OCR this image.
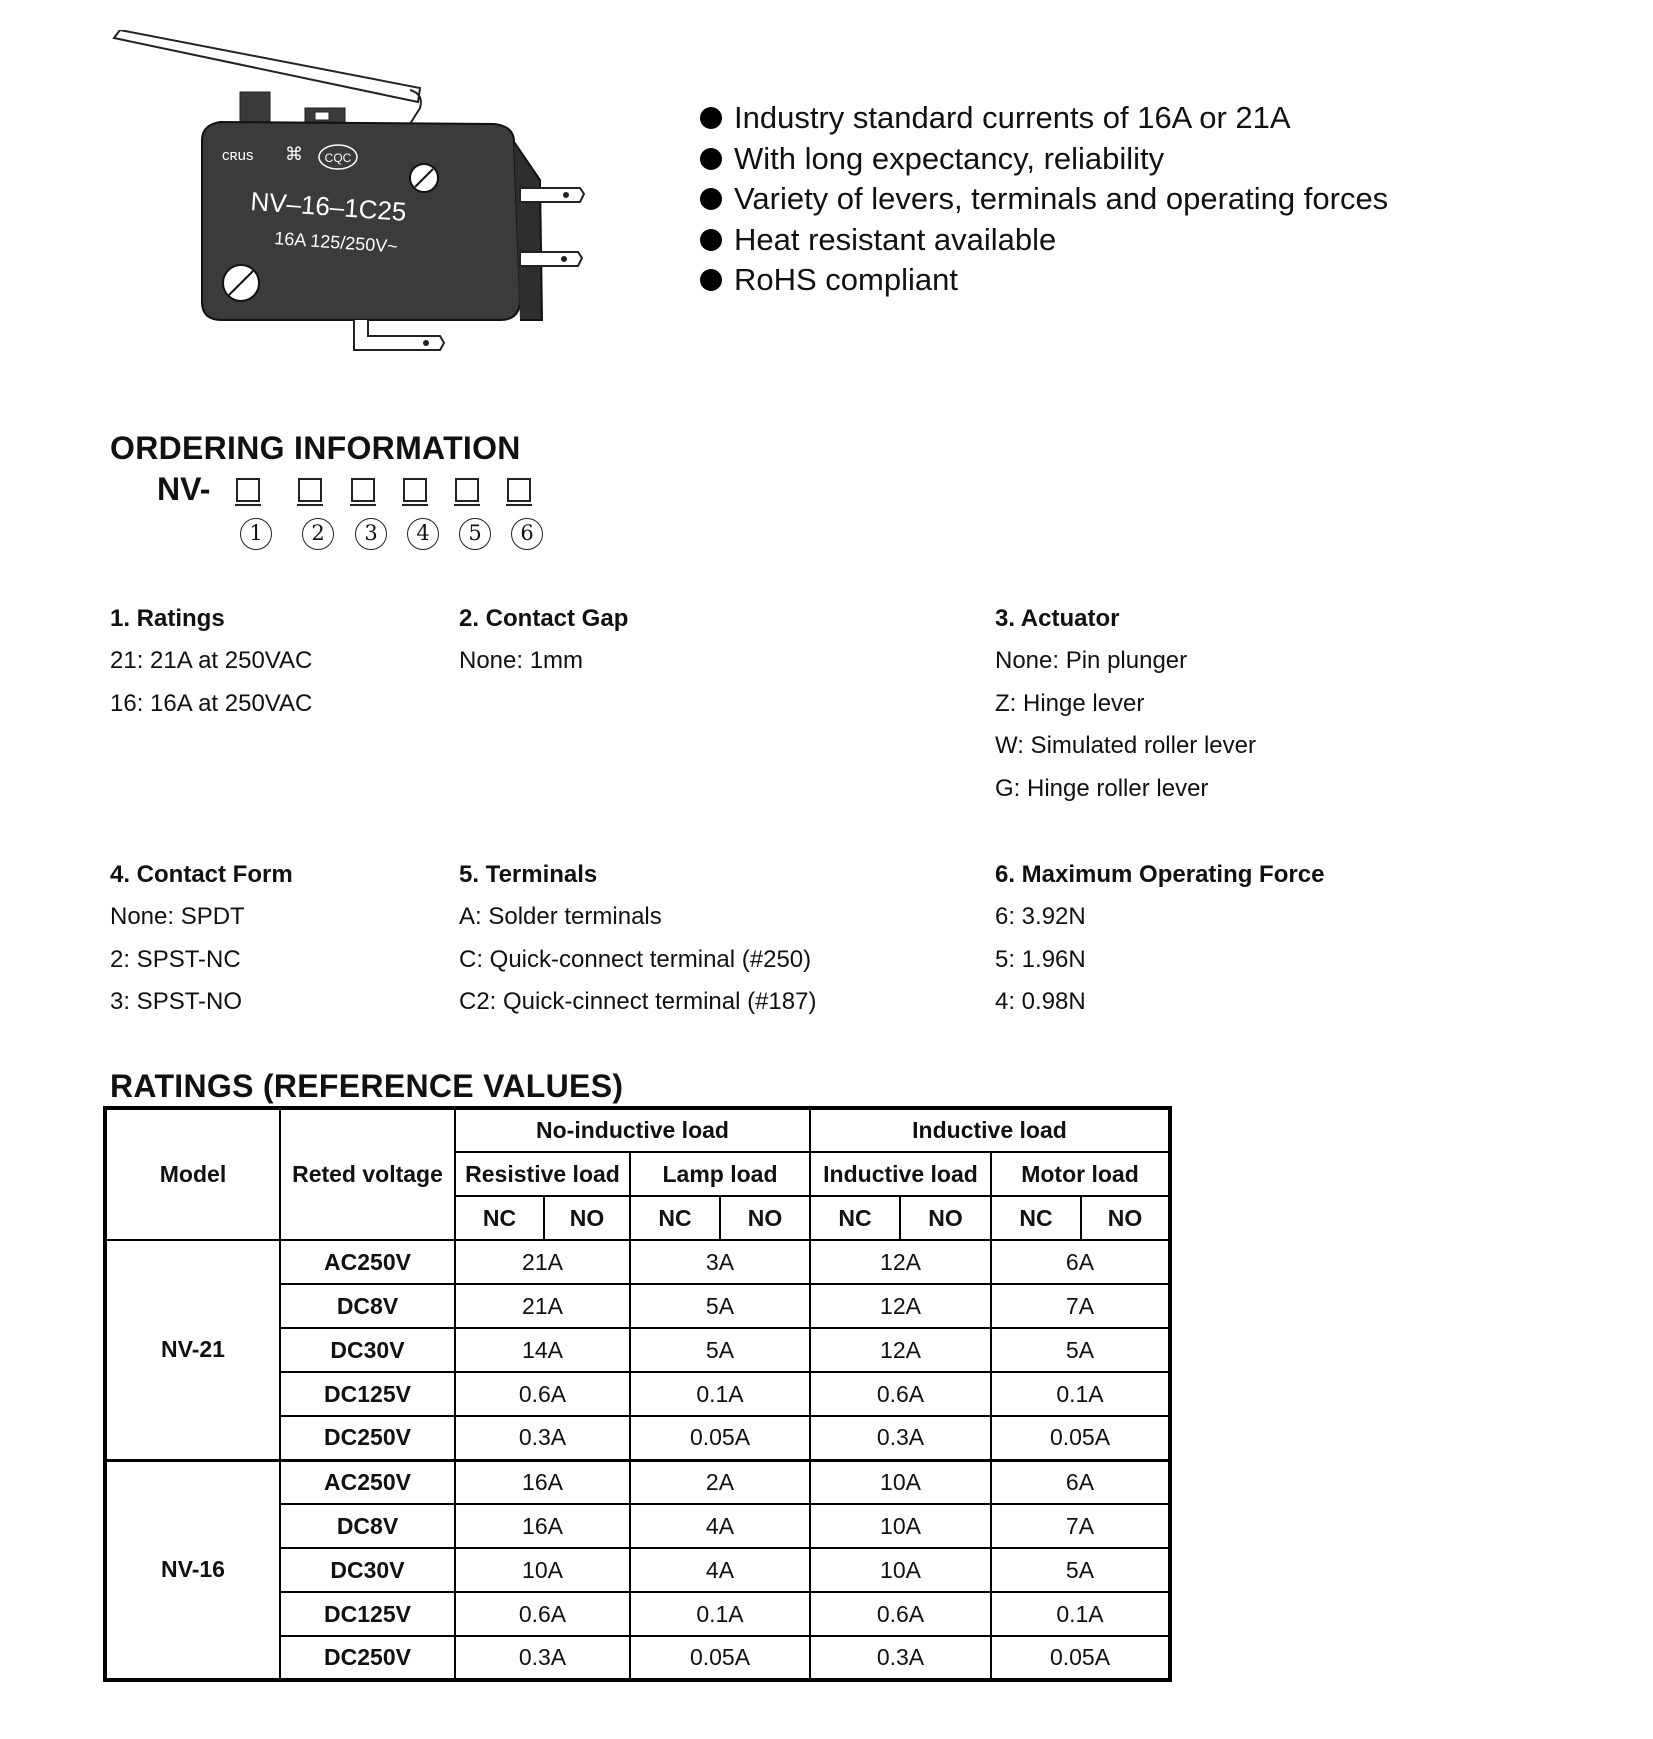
cʀus ⌘ CQC
NV–16–1C25
16A 125/250V~
Industry standard currents of 16A or 21A
With long expectancy, reliability
Variety of levers, terminals and operating forces
Heat resistant available
RoHS compliant
ORDERING INFORMATION
NV-
1	2	3	4	5	6
1. Ratings
21: 21A at 250VAC
16: 16A at 250VAC
2. Contact Gap
None: 1mm
3. Actuator
None: Pin plunger
Z: Hinge lever
W: Simulated roller lever
G: Hinge roller lever
4. Contact Form
None: SPDT
2: SPST-NC
3: SPST-NO
5. Terminals
A: Solder terminals
C: Quick-connect terminal (#250)
C2: Quick-cinnect terminal (#187)
6. Maximum Operating Force
6: 3.92N
5: 1.96N
4: 0.98N
RATINGS (REFERENCE VALUES)
Model	Reted voltage	No-inductive load				Inductive load			
		Resistive load		Lamp load		Inductive load		Motor load	
		NC	NO	NC	NO	NC	NO	NC	NO
NV-21	AC250V	21A		3A		12A		6A	
	DC8V	21A		5A		12A		7A	
	DC30V	14A		5A		12A		5A	
	DC125V	0.6A		0.1A		0.6A		0.1A	
	DC250V	0.3A		0.05A		0.3A		0.05A	
NV-16	AC250V	16A		2A		10A		6A	
	DC8V	16A		4A		10A		7A	
	DC30V	10A		4A		10A		5A	
	DC125V	0.6A		0.1A		0.6A		0.1A	
	DC250V	0.3A		0.05A		0.3A		0.05A	
